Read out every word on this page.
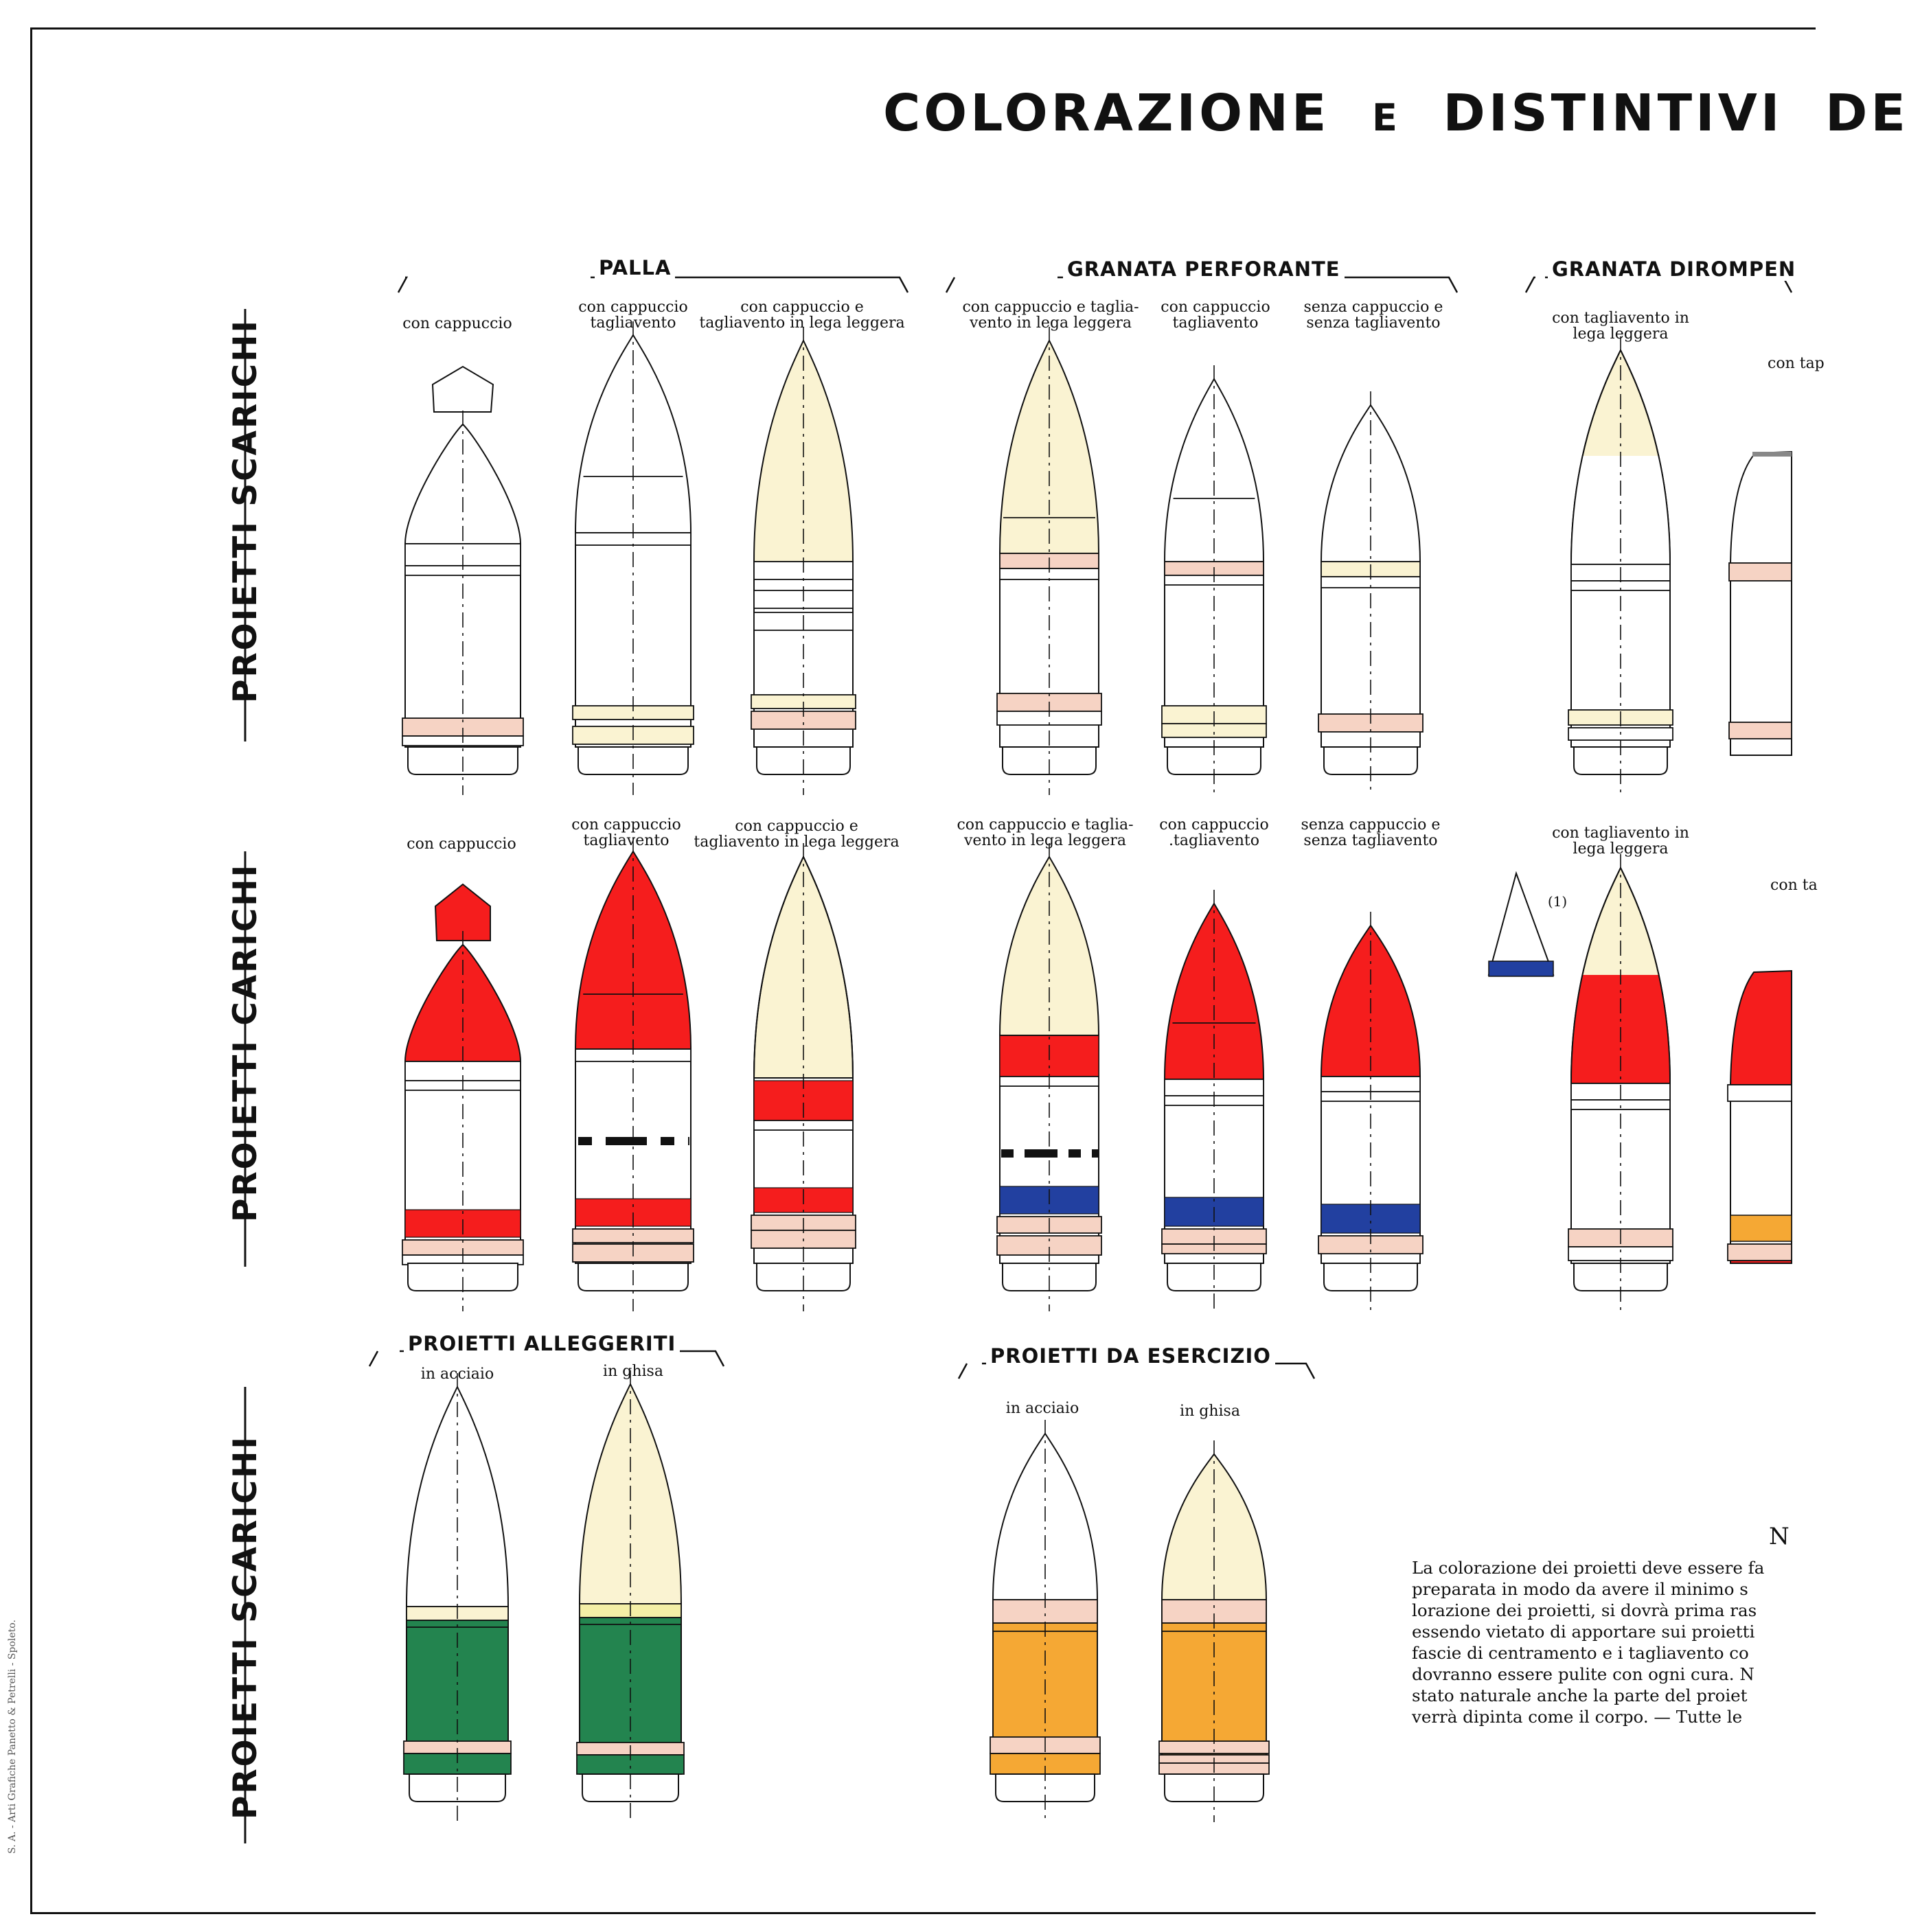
COLORAZIONE E DISTINTIVI DE
PROIETTI SCARICHI
PROIETTI CARICHI
PROIETTI SCARICHI
PALLA	GRANATA PERFORANTE	GRANATA DIROMPEN
PROIETTI ALLEGGERITI
PROIETTI DA ESERCIZIO
con cappuccio
con cappuccio
tagliavento
con cappuccio e
tagliavento in lega leggera
con cappuccio e taglia-
vento in lega leggera
con cappuccio
tagliavento
senza cappuccio e
senza tagliavento	con tagliavento in
lega leggera
con tap
con cappuccio
con cappuccio
tagliavento
con cappuccio e
tagliavento in lega leggera
con cappuccio e taglia-
vento in lega leggera
con cappuccio
.tagliavento
senza cappuccio e
senza tagliavento	con tagliavento in
lega leggera
con ta
(1)
in acciaio	in ghisa
in acciaio	in ghisa
N
La colorazione dei proietti deve essere fa
preparata in modo da avere il minimo s
lorazione dei proietti, si dovrà prima ras
essendo vietato di apportare sui proietti
fascie di centramento e i tagliavento co
dovranno essere pulite con ogni cura. N
stato naturale anche la parte del proiet
verrà dipinta come il corpo. — Tutte le
S. A. - Arti Grafiche Panetto & Petrelli - Spoleto.
